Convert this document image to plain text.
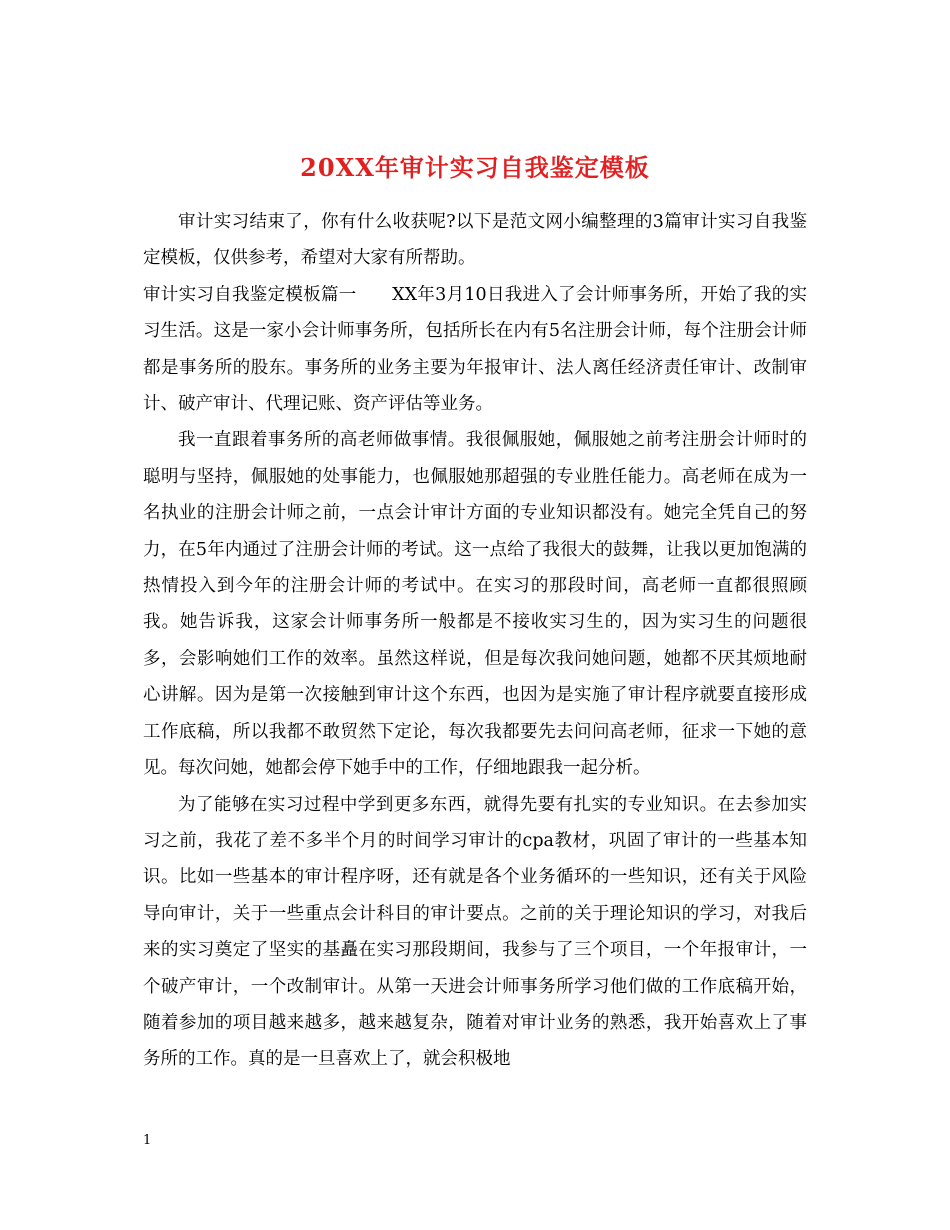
20XX年审计实习自我鉴定模板

审计实习结束了，你有什么收获呢?以下是范文网小编整理的3篇审计实习自我鉴定模板，仅供参考，希望对大家有所帮助。

审计实习自我鉴定模板篇一　　XX年3月10日我进入了会计师事务所，开始了我的实习生活。这是一家小会计师事务所，包括所长在内有5名注册会计师，每个注册会计师都是事务所的股东。事务所的业务主要为年报审计、法人离任经济责任审计、改制审计、破产审计、代理记账、资产评估等业务。

我一直跟着事务所的高老师做事情。我很佩服她，佩服她之前考注册会计师时的聪明与坚持，佩服她的处事能力，也佩服她那超强的专业胜任能力。高老师在成为一名执业的注册会计师之前，一点会计审计方面的专业知识都没有。她完全凭自己的努力，在5年内通过了注册会计师的考试。这一点给了我很大的鼓舞，让我以更加饱满的热情投入到今年的注册会计师的考试中。在实习的那段时间，高老师一直都很照顾我。她告诉我，这家会计师事务所一般都是不接收实习生的，因为实习生的问题很多，会影响她们工作的效率。虽然这样说，但是每次我问她问题，她都不厌其烦地耐心讲解。因为是第一次接触到审计这个东西，也因为是实施了审计程序就要直接形成工作底稿，所以我都不敢贸然下定论，每次我都要先去问问高老师，征求一下她的意见。每次问她，她都会停下她手中的工作，仔细地跟我一起分析。

为了能够在实习过程中学到更多东西，就得先要有扎实的专业知识。在去参加实习之前，我花了差不多半个月的时间学习审计的cpa教材，巩固了审计的一些基本知识。比如一些基本的审计程序呀，还有就是各个业务循环的一些知识，还有关于风险导向审计，关于一些重点会计科目的审计要点。之前的关于理论知识的学习，对我后来的实习奠定了坚实的基矗在实习那段期间，我参与了三个项目，一个年报审计，一个破产审计，一个改制审计。从第一天进会计师事务所学习他们做的工作底稿开始，随着参加的项目越来越多，越来越复杂，随着对审计业务的熟悉，我开始喜欢上了事务所的工作。真的是一旦喜欢上了，就会积极地

1
